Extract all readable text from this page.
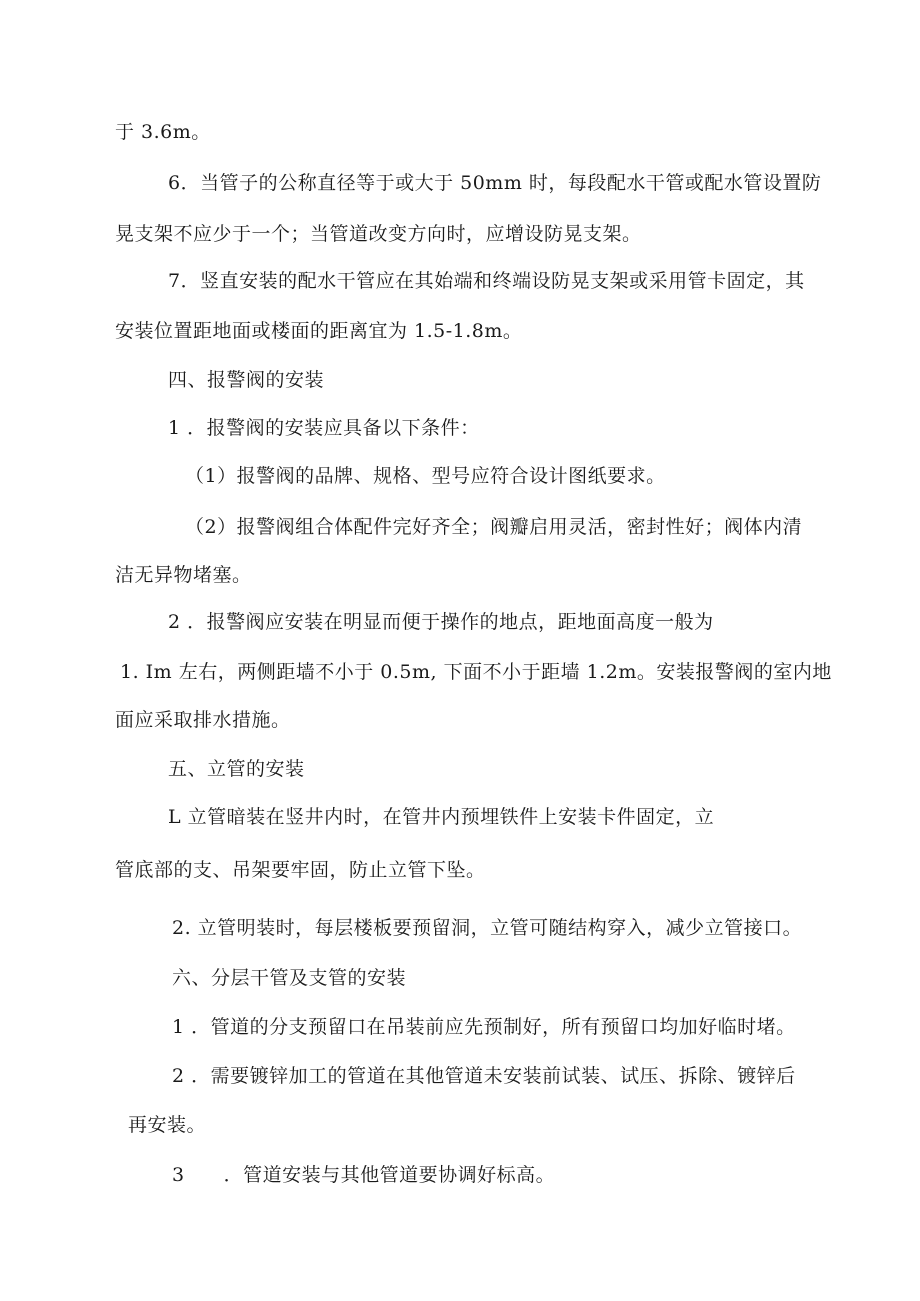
于 3.6m。
6．当管子的公称直径等于或大于 50mm 时，每段配水干管或配水管设置防
晃支架不应少于一个；当管道改变方向时，应增设防晃支架。
7．竖直安装的配水干管应在其始端和终端设防晃支架或采用管卡固定，其
安装位置距地面或楼面的距离宜为 1.5-1.8m。
四、报警阀的安装
1 ．报警阀的安装应具备以下条件：
（1）报警阀的品牌、规格、型号应符合设计图纸要求。
（2）报警阀组合体配件完好齐全；阀瓣启用灵活，密封性好；阀体内清
洁无异物堵塞。
2 ．报警阀应安装在明显而便于操作的地点，距地面高度一般为
1. Im 左右，两侧距墙不小于 0.5m, 下面不小于距墙 1.2m。安装报警阀的室内地
面应采取排水措施。
五、立管的安装
L 立管暗装在竖井内时，在管井内预埋铁件上安装卡件固定，立
管底部的支、吊架要牢固，防止立管下坠。
2. 立管明装时，每层楼板要预留洞，立管可随结构穿入，减少立管接口。
六、分层干管及支管的安装
1 ．管道的分支预留口在吊装前应先预制好，所有预留口均加好临时堵。
2 ．需要镀锌加工的管道在其他管道未安装前试装、试压、拆除、镀锌后
再安装。
3　　．管道安装与其他管道要协调好标高。
